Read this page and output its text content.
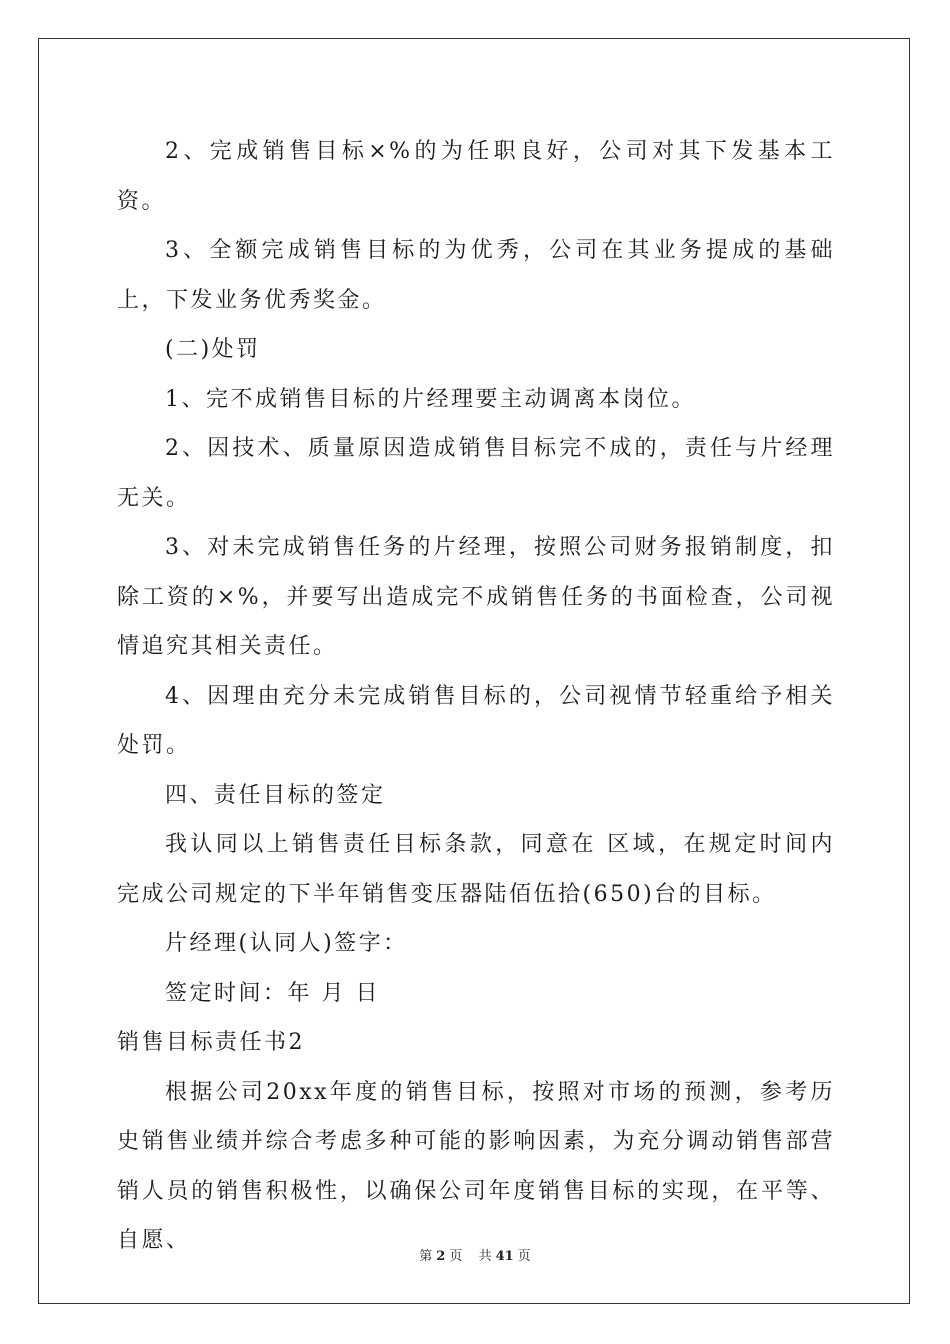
2、完成销售目标×%的为任职良好，公司对其下发基本工资。

3、全额完成销售目标的为优秀，公司在其业务提成的基础上，下发业务优秀奖金。

(二)处罚

1、完不成销售目标的片经理要主动调离本岗位。

2、因技术、质量原因造成销售目标完不成的，责任与片经理无关。

3、对未完成销售任务的片经理，按照公司财务报销制度，扣除工资的×%，并要写出造成完不成销售任务的书面检查，公司视情追究其相关责任。

4、因理由充分未完成销售目标的，公司视情节轻重给予相关处罚。

四、责任目标的签定

我认同以上销售责任目标条款，同意在 区域，在规定时间内完成公司规定的下半年销售变压器陆佰伍拾(650)台的目标。

片经理(认同人)签字：

签定时间：年 月 日

销售目标责任书2

根据公司20xx年度的销售目标，按照对市场的预测，参考历史销售业绩并综合考虑多种可能的影响因素，为充分调动销售部营销人员的销售积极性，以确保公司年度销售目标的实现，在平等、自愿、

第 2 页 共 41 页
